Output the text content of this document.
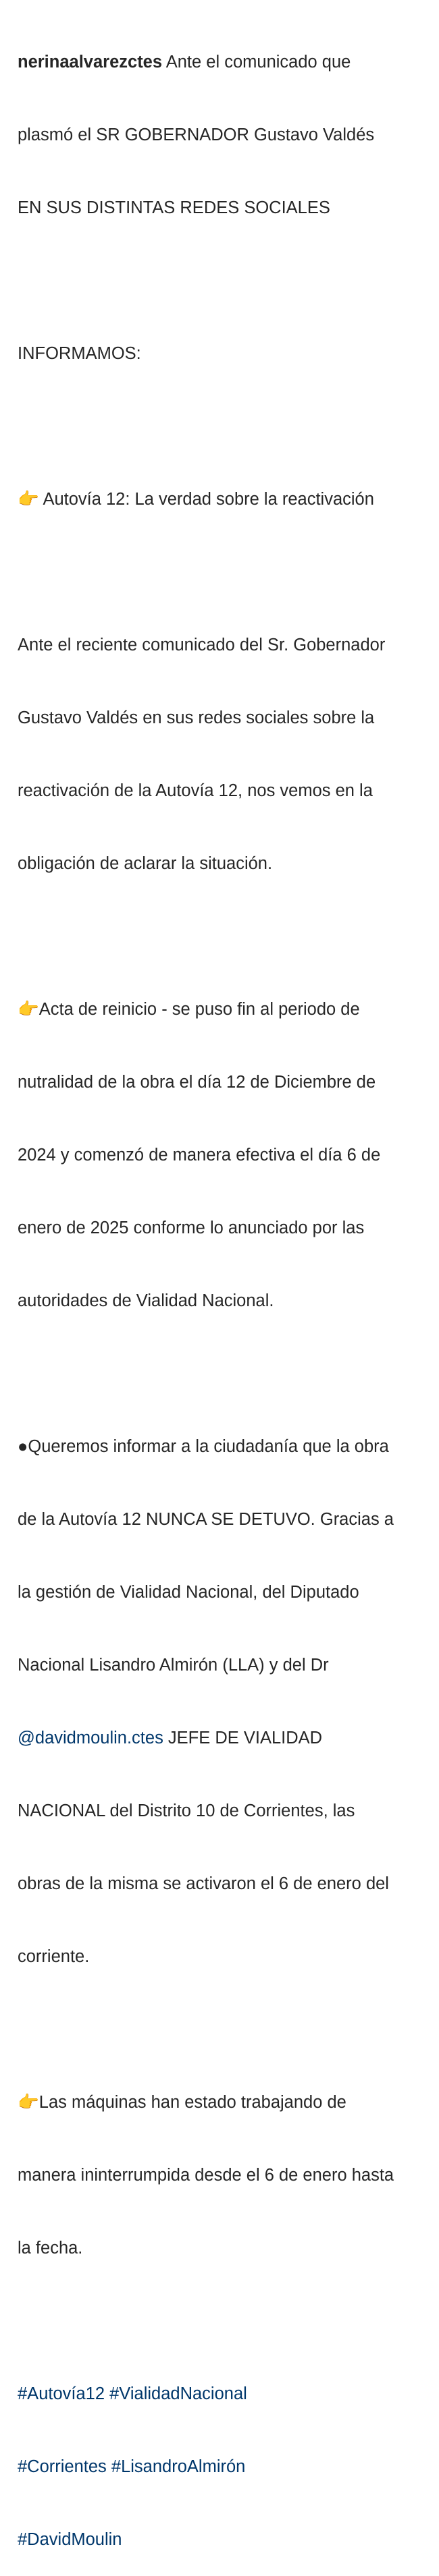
nerinaalvarezctes Ante el comunicado que

plasmó el SR GOBERNADOR Gustavo Valdés

EN SUS DISTINTAS REDES SOCIALES

INFORMAMOS:

👉 Autovía 12: La verdad sobre la reactivación

Ante el reciente comunicado del Sr. Gobernador

Gustavo Valdés en sus redes sociales sobre la

reactivación de la Autovía 12, nos vemos en la

obligación de aclarar la situación.

👉Acta de reinicio - se puso fin al periodo de

nutralidad de la obra el día 12 de Diciembre de

2024 y comenzó de manera efectiva el día 6 de

enero de 2025 conforme lo anunciado por las

autoridades de Vialidad Nacional.

●Queremos informar a la ciudadanía que la obra

de la Autovía 12 NUNCA SE DETUVO. Gracias a

la gestión de Vialidad Nacional, del Diputado

Nacional Lisandro Almirón (LLA) y del Dr

@davidmoulin.ctes JEFE DE VIALIDAD

NACIONAL del Distrito 10 de Corrientes, las

obras de la misma se activaron el 6 de enero del

corriente.

👉Las máquinas han estado trabajando de

manera ininterrumpida desde el 6 de enero hasta

la fecha.

#Autovía12 #VialidadNacional

#Corrientes #LisandroAlmirón

#DavidMoulin
